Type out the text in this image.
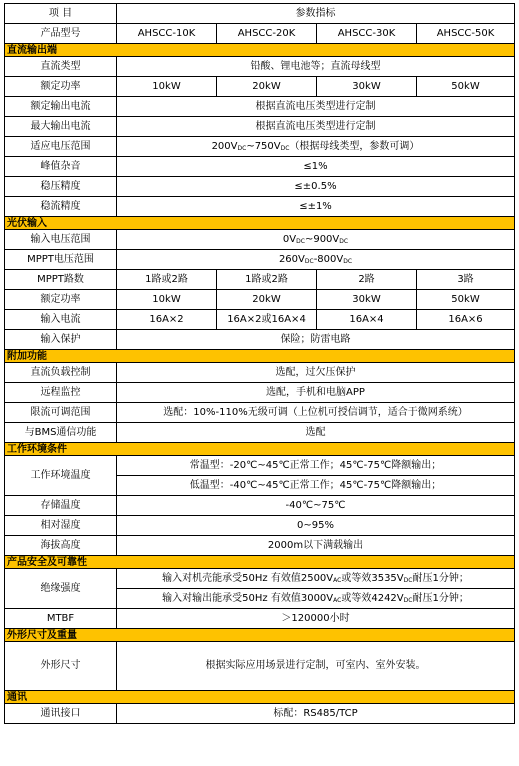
项 目	参数指标			
产品型号	AHSCC-10K	AHSCC-20K	AHSCC-30K	AHSCC-50K
直流输出端				
直流类型	铅酸、锂电池等；直流母线型			
额定功率	10kW	20kW	30kW	50kW
额定输出电流	根据直流电压类型进行定制			
最大输出电流	根据直流电压类型进行定制			
适应电压范围	$200V_{DC}\sim 750V_{DC}$（根据母线类型，参数可调）			
峰值杂音	≤1%			
稳压精度	≤±0.5%			
稳流精度	≤±1%			
光伏输入				
输入电压范围	$0V_{DC}\sim 900V_{DC}$
MPPT电压范围	$260V_{DC}-800V_{DC}$
MPPT路数	1路或2路	1路或2路	2路	3路
额定功率	10kW	20kW	30kW	50kW
输入电流	16A×2	16A×2或16A×4	16A×4	16A×6
输入保护	保险；防雷电路			
附加功能				
直流负载控制	选配，过欠压保护			
远程监控	选配，手机和电脑APP			
限流可调范围	选配：10%-110%无级可调（上位机可授信调节，适合于微网系统）			
与BMS通信功能	选配			
工作环境条件				
工作环境温度	常温型：-20℃~45℃正常工作；45℃-75℃降额输出；			
	低温型：-40℃~45℃正常工作；45℃-75℃降额输出；			
存储温度	-40℃~75℃			
相对湿度	0~95%			
海拔高度	2000m以下满载输出			
产品安全及可靠性				
绝缘强度	输入对机壳能承受50Hz 有效值$2500V_{AC}$或等效$3535V_{DC}$耐压1分钟；			
	输入对输出能承受50Hz 有效值$3000V_{AC}$或等效$4242V_{DC}$耐压1分钟；			
MTBF	＞120000小时			
外形尺寸及重量				
外形尺寸	根据实际应用场景进行定制，可室内、室外安装。			
通讯				
通讯接口	标配：RS485/TCP			
